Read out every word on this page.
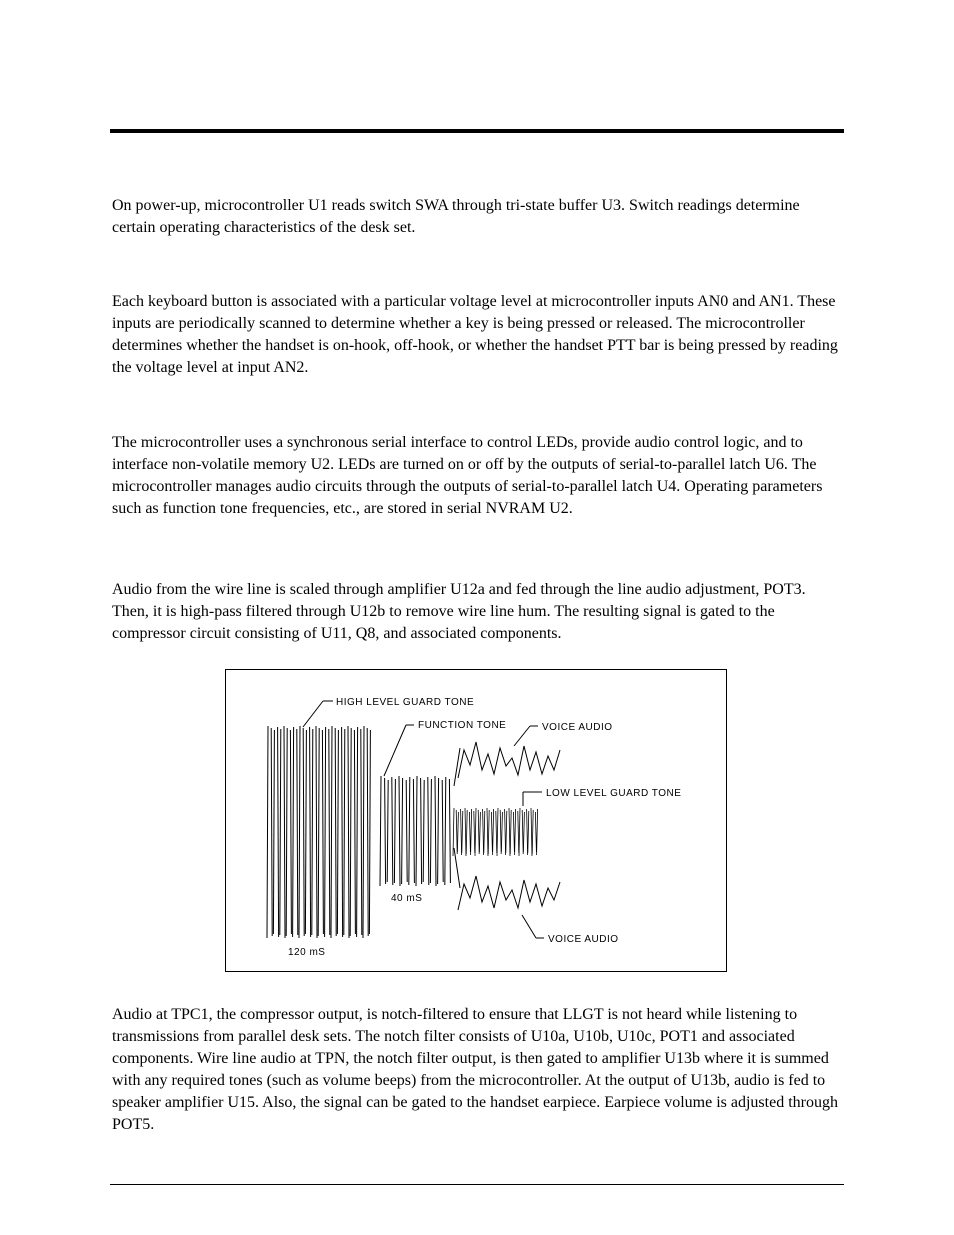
On power-up, microcontroller U1 reads switch SWA through tri-state buffer U3. Switch readings determine certain operating characteristics of the desk set.

Each keyboard button is associated with a particular voltage level at microcontroller inputs AN0 and AN1. These inputs are periodically scanned to determine whether a key is being pressed or released. The microcontroller determines whether the handset is on-hook, off-hook, or whether the handset PTT bar is being pressed by reading the voltage level at input AN2.

The microcontroller uses a synchronous serial interface to control LEDs, provide audio control logic, and to interface non-volatile memory U2. LEDs are turned on or off by the outputs of serial-to-parallel latch U6. The microcontroller manages audio circuits through the outputs of serial-to-parallel latch U4. Operating parameters such as function tone frequencies, etc., are stored in serial NVRAM U2.

Audio from the wire line is scaled through amplifier U12a and fed through the line audio adjustment, POT3. Then, it is high-pass filtered through U12b to remove wire line hum. The resulting signal is gated to the compressor circuit consisting of U11, Q8, and associated components.

HIGH LEVEL GUARD TONE
FUNCTION TONE	VOICE AUDIO
LOW LEVEL GUARD TONE
40 mS
VOICE AUDIO
120 mS

Audio at TPC1, the compressor output, is notch-filtered to ensure that LLGT is not heard while listening to transmissions from parallel desk sets. The notch filter consists of U10a, U10b, U10c, POT1 and associated components. Wire line audio at TPN, the notch filter output, is then gated to amplifier U13b where it is summed with any required tones (such as volume beeps) from the microcontroller. At the output of U13b, audio is fed to speaker amplifier U15. Also, the signal can be gated to the handset earpiece. Earpiece volume is adjusted through POT5.
